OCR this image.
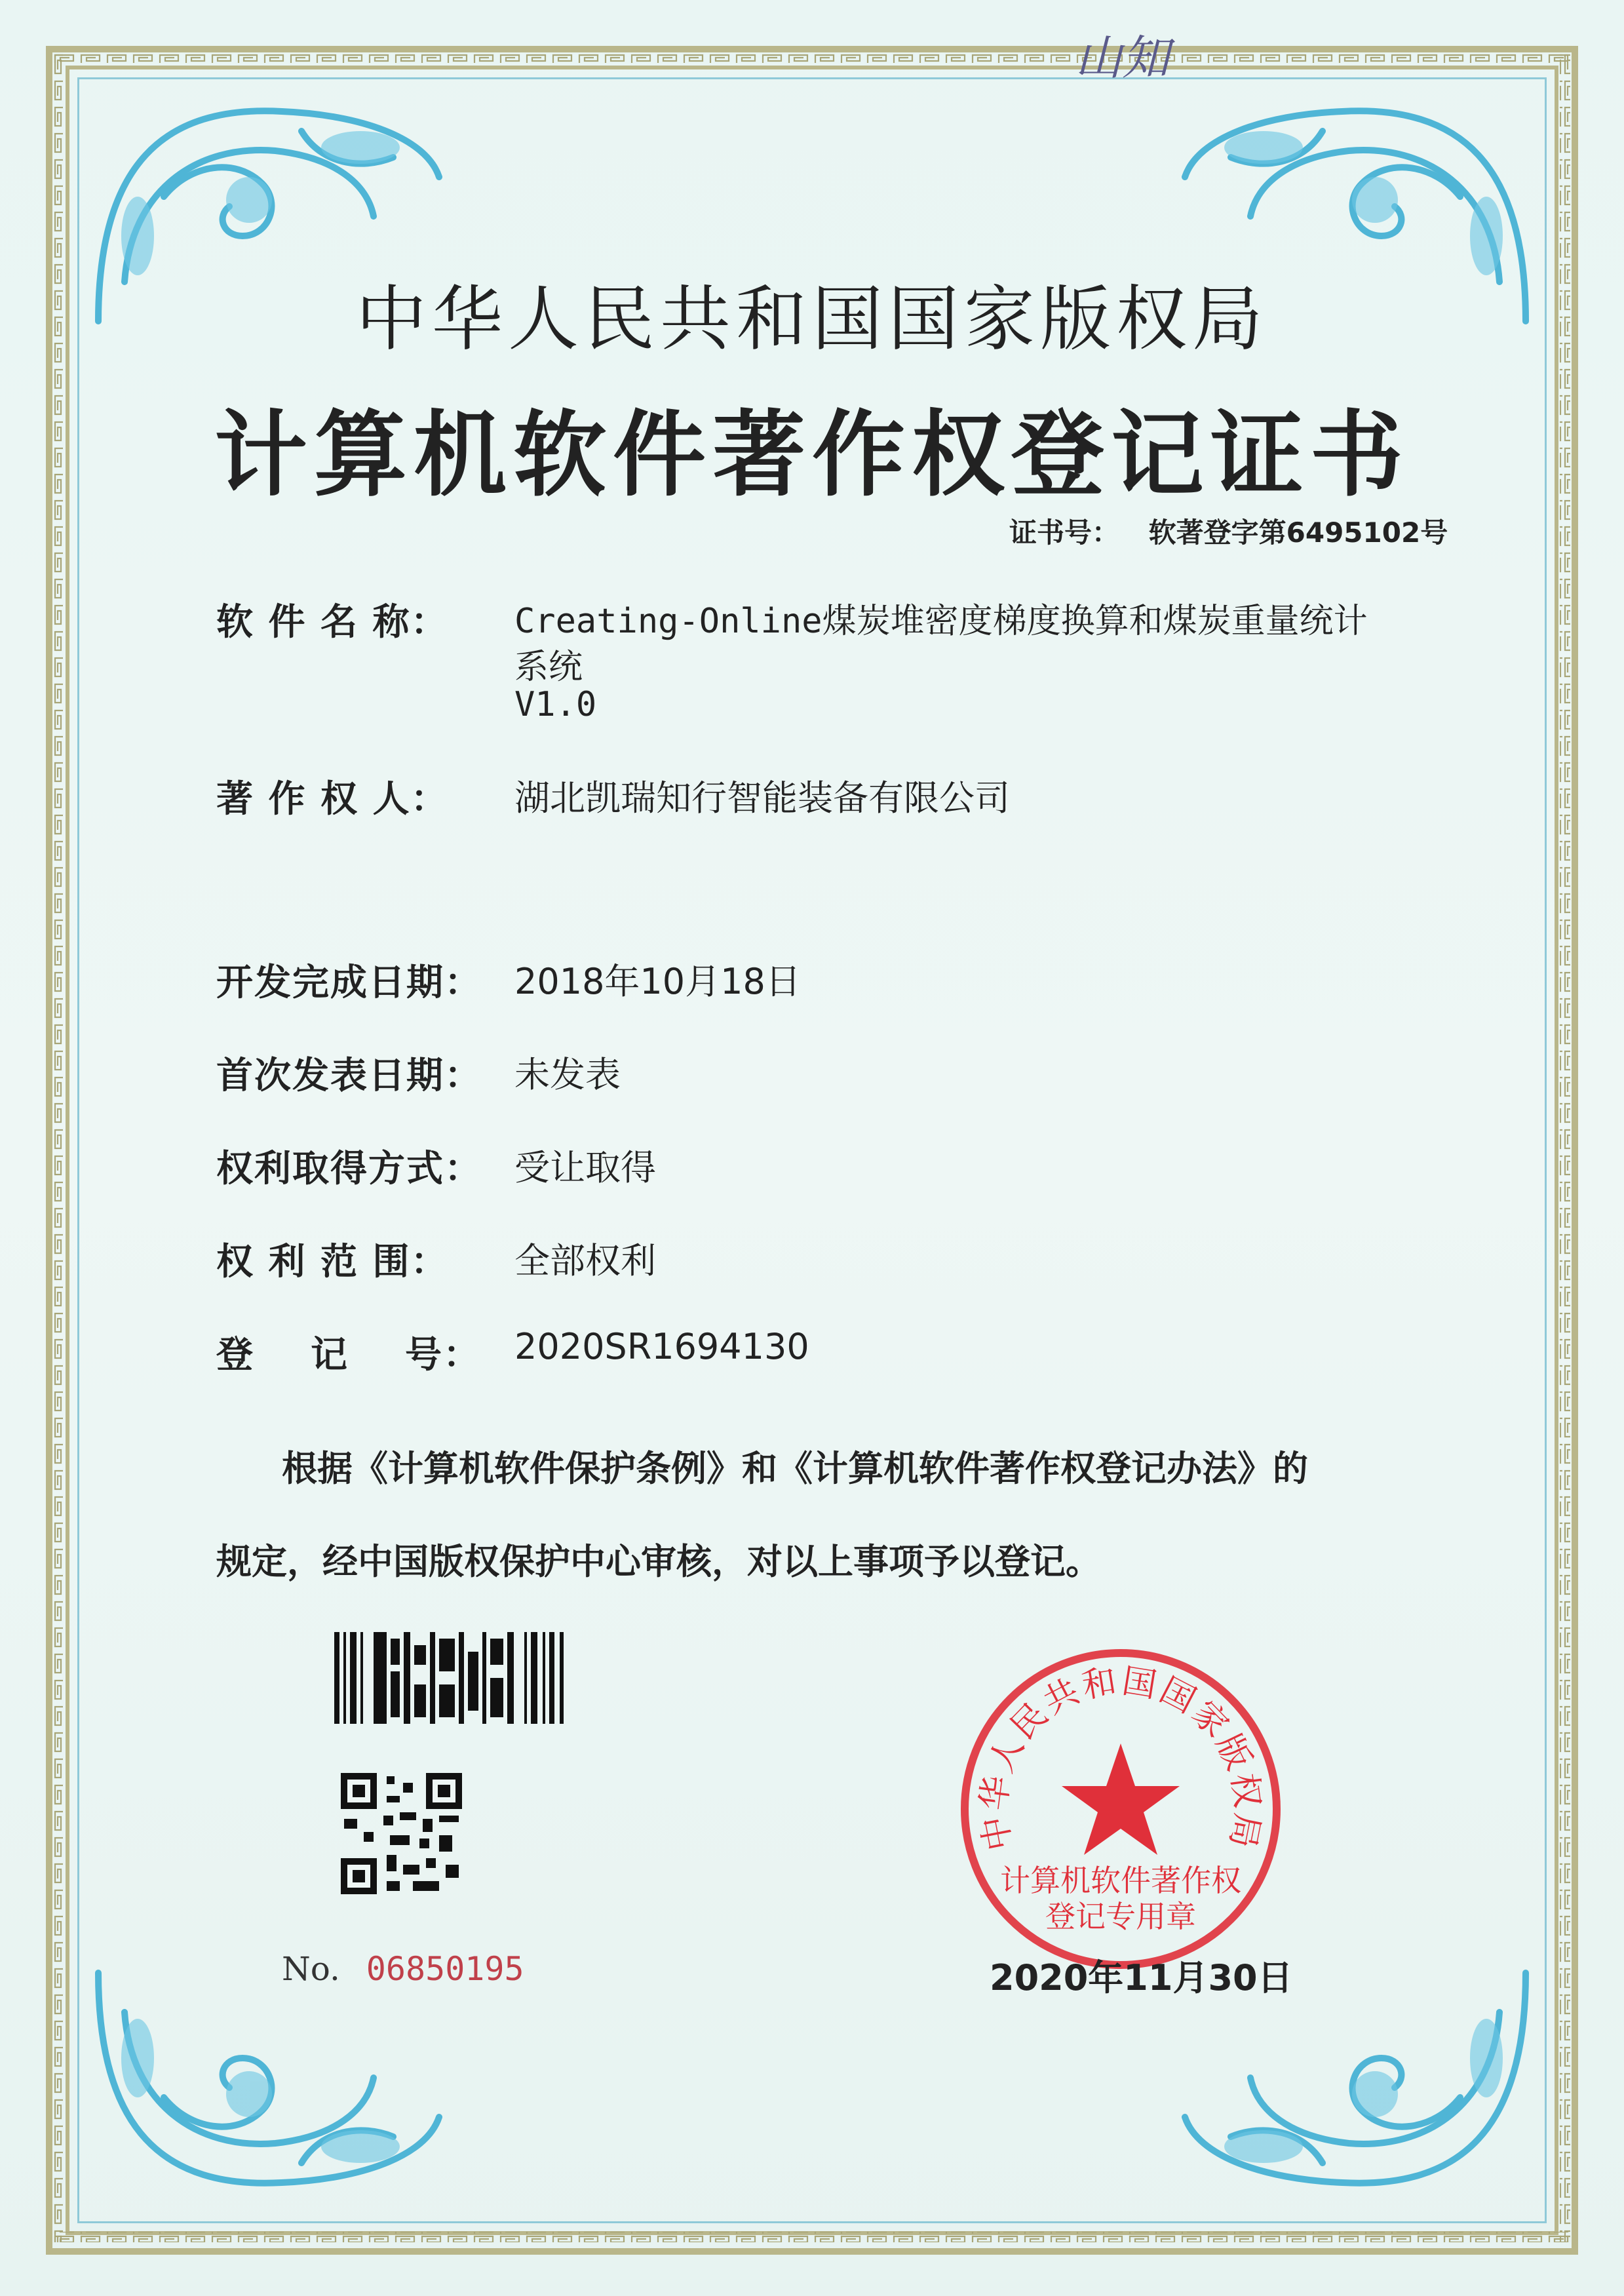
山知
中华人民共和国国家版权局
计算机软件著作权登记证书
证书号： 软著登字第6495102号
软 件 名 称： Creating-Online煤炭堆密度梯度换算和煤炭重量统计
系统
V1.0
著 作 权 人： 湖北凯瑞知行智能装备有限公司
开发完成日期： 2018年10月18日
首次发表日期： 未发表
权利取得方式： 受让取得
权 利 范 围： 全部权利
登    记    号： 2020SR1694130
根据《计算机软件保护条例》和《计算机软件著作权登记办法》的
规定，经中国版权保护中心审核，对以上事项予以登记。
No. 06850195
中华人民共和国国家版权局
计算机软件著作权
登记专用章
2020年11月30日
